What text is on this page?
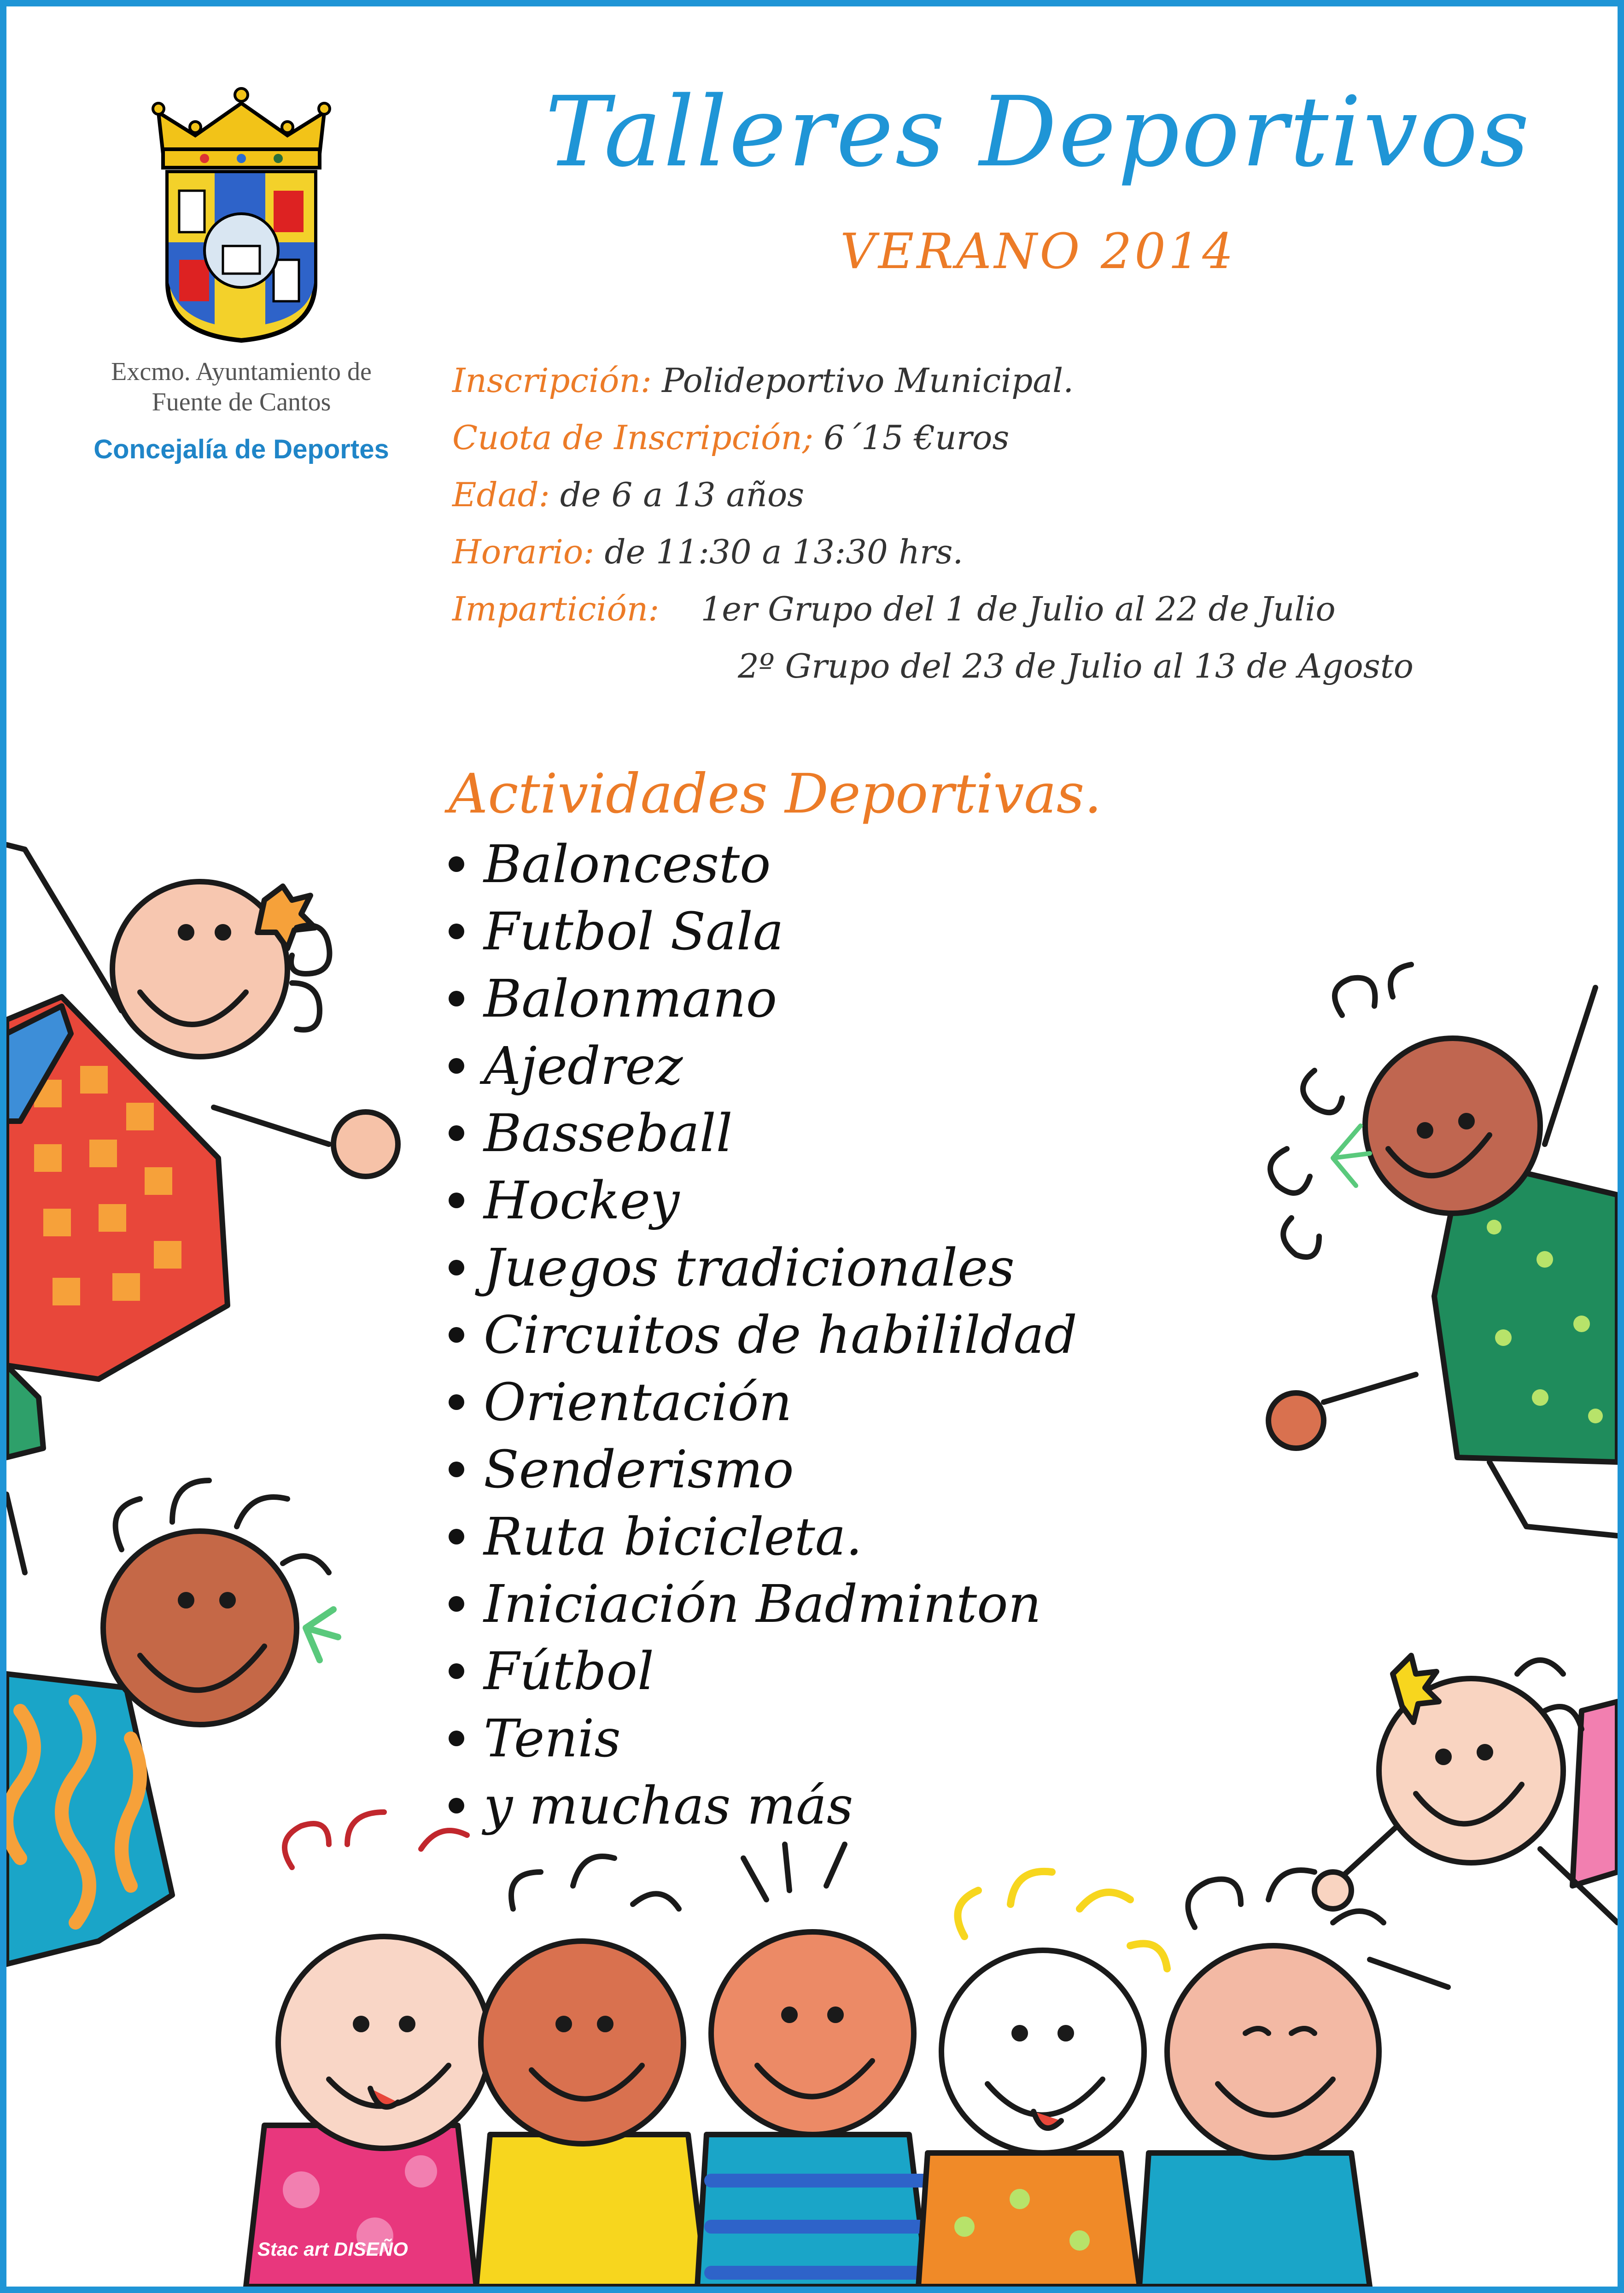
Excmo. Ayuntamiento de
Fuente de Cantos
Concejalía de Deportes
Talleres Deportivos
VERANO 2014
Inscripción: Polideportivo Municipal.
Cuota de Inscripción; 6´15 €uros
Edad: de 6 a 13 años
Horario: de 11:30 a 13:30 hrs.
Impartición: 1er Grupo del 1 de Julio al 22 de Julio
2º Grupo del 23 de Julio al 13 de Agosto
Actividades Deportivas.
Baloncesto
Futbol Sala
Balonmano
Ajedrez
Basseball
Hockey
Juegos tradicionales
Circuitos de habilildad
Orientación
Senderismo
Ruta bicicleta.
Iniciación Badminton
Fútbol
Tenis
y muchas más
Stac art DISEÑO
